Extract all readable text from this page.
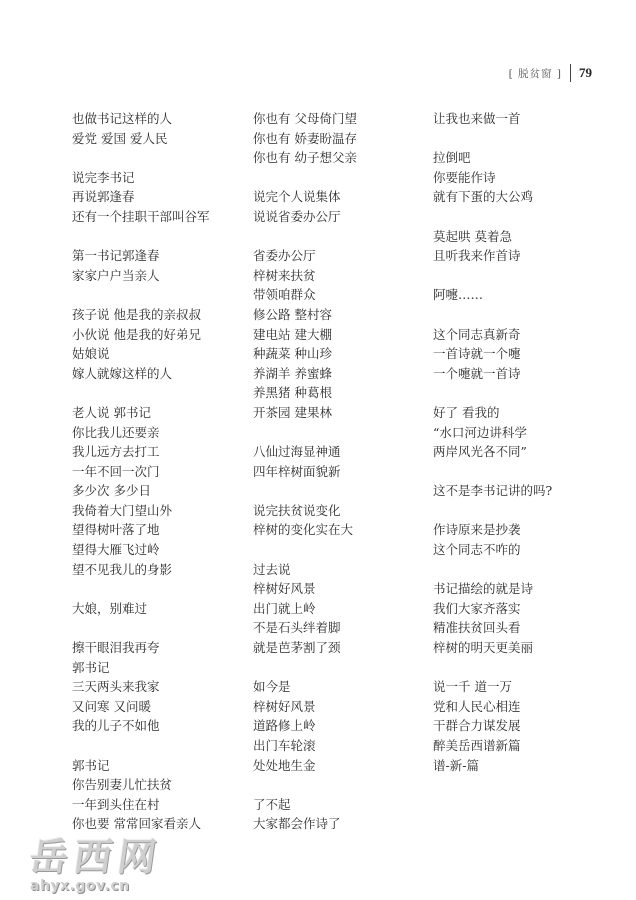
[ 脱贫窗 ] 79
也做书记这样的人
爱党 爱国 爱人民
说完李书记
再说郭逢春
还有一个挂职干部叫谷军
第一书记郭逢春
家家户户当亲人
孩子说 他是我的亲叔叔
小伙说 他是我的好弟兄
姑娘说
嫁人就嫁这样的人
老人说 郭书记
你比我儿还要亲
我儿远方去打工
一年不回一次门
多少次 多少日
我倚着大门望山外
望得树叶落了地
望得大雁飞过岭
望不见我儿的身影
大娘，别难过
擦干眼泪我再夸
郭书记
三天两头来我家
又问寒 又问暖
我的儿子不如他
郭书记
你告别妻儿忙扶贫
一年到头住在村
你也要 常常回家看亲人
你也有 父母倚门望
你也有 娇妻盼温存
你也有 幼子想父亲
说完个人说集体
说说省委办公厅
省委办公厅
梓树来扶贫
带领咱群众
修公路 整村容
建电站 建大棚
种蔬菜 种山珍
养湖羊 养蜜蜂
养黑猪 种葛根
开茶园 建果林
八仙过海显神通
四年梓树面貌新
说完扶贫说变化
梓树的变化实在大
过去说
梓树好风景
出门就上岭
不是石头绊着脚
就是芭茅割了颈
如今是
梓树好风景
道路修上岭
出门车轮滚
处处地生金
了不起
大家都会作诗了
让我也来做一首
拉倒吧
你要能作诗
就有下蛋的大公鸡
莫起哄 莫着急
且听我来作首诗
阿嚏……
这个同志真新奇
一首诗就一个嚏
一个嚏就一首诗
好了 看我的
“水口河边讲科学
两岸风光各不同”
这不是李书记讲的吗?
作诗原来是抄袭
这个同志不咋的
书记描绘的就是诗
我们大家齐落实
精准扶贫回头看
梓树的明天更美丽
说一千 道一万
党和人民心相连
干群合力谋发展
醉美岳西谱新篇
谱-新-篇
岳西网
ahyx.gov.cn
